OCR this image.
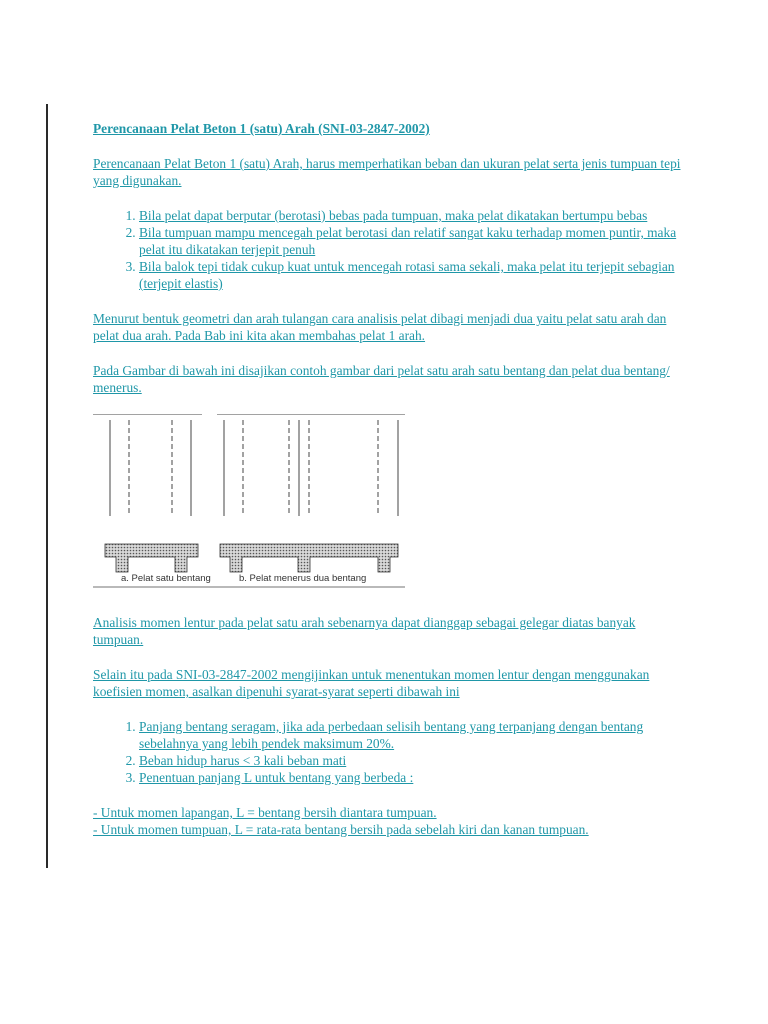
Perencanaan Pelat Beton 1 (satu) Arah (SNI-03-2847-2002)

Perencanaan Pelat Beton 1 (satu) Arah, harus memperhatikan beban dan ukuran pelat serta jenis tumpuan tepi yang digunakan.

1. Bila pelat dapat berputar (berotasi) bebas pada tumpuan, maka pelat dikatakan bertumpu bebas
2. Bila tumpuan mampu mencegah pelat berotasi dan relatif sangat kaku terhadap momen puntir, maka pelat itu dikatakan terjepit penuh
3. Bila balok tepi tidak cukup kuat untuk mencegah rotasi sama sekali, maka pelat itu terjepit sebagian (terjepit elastis)

Menurut bentuk geometri dan arah tulangan cara analisis pelat dibagi menjadi dua yaitu pelat satu arah dan pelat dua arah. Pada Bab ini kita akan membahas pelat 1 arah.

Pada Gambar di bawah ini disajikan contoh gambar dari pelat satu arah satu bentang dan pelat dua bentang/ menerus.

a. Pelat satu bentang	b. Pelat menerus dua bentang

Analisis momen lentur pada pelat satu arah sebenarnya dapat dianggap sebagai gelegar diatas banyak tumpuan.

Selain itu pada SNI-03-2847-2002 mengijinkan untuk menentukan momen lentur dengan menggunakan koefisien momen, asalkan dipenuhi syarat-syarat seperti dibawah ini

1. Panjang bentang seragam, jika ada perbedaan selisih bentang yang terpanjang dengan bentang sebelahnya yang lebih pendek maksimum 20%.
2. Beban hidup harus < 3 kali beban mati
3. Penentuan panjang L untuk bentang yang berbeda :
- Untuk momen lapangan, L = bentang bersih diantara tumpuan.
- Untuk momen tumpuan, L = rata-rata bentang bersih pada sebelah kiri dan kanan tumpuan.
